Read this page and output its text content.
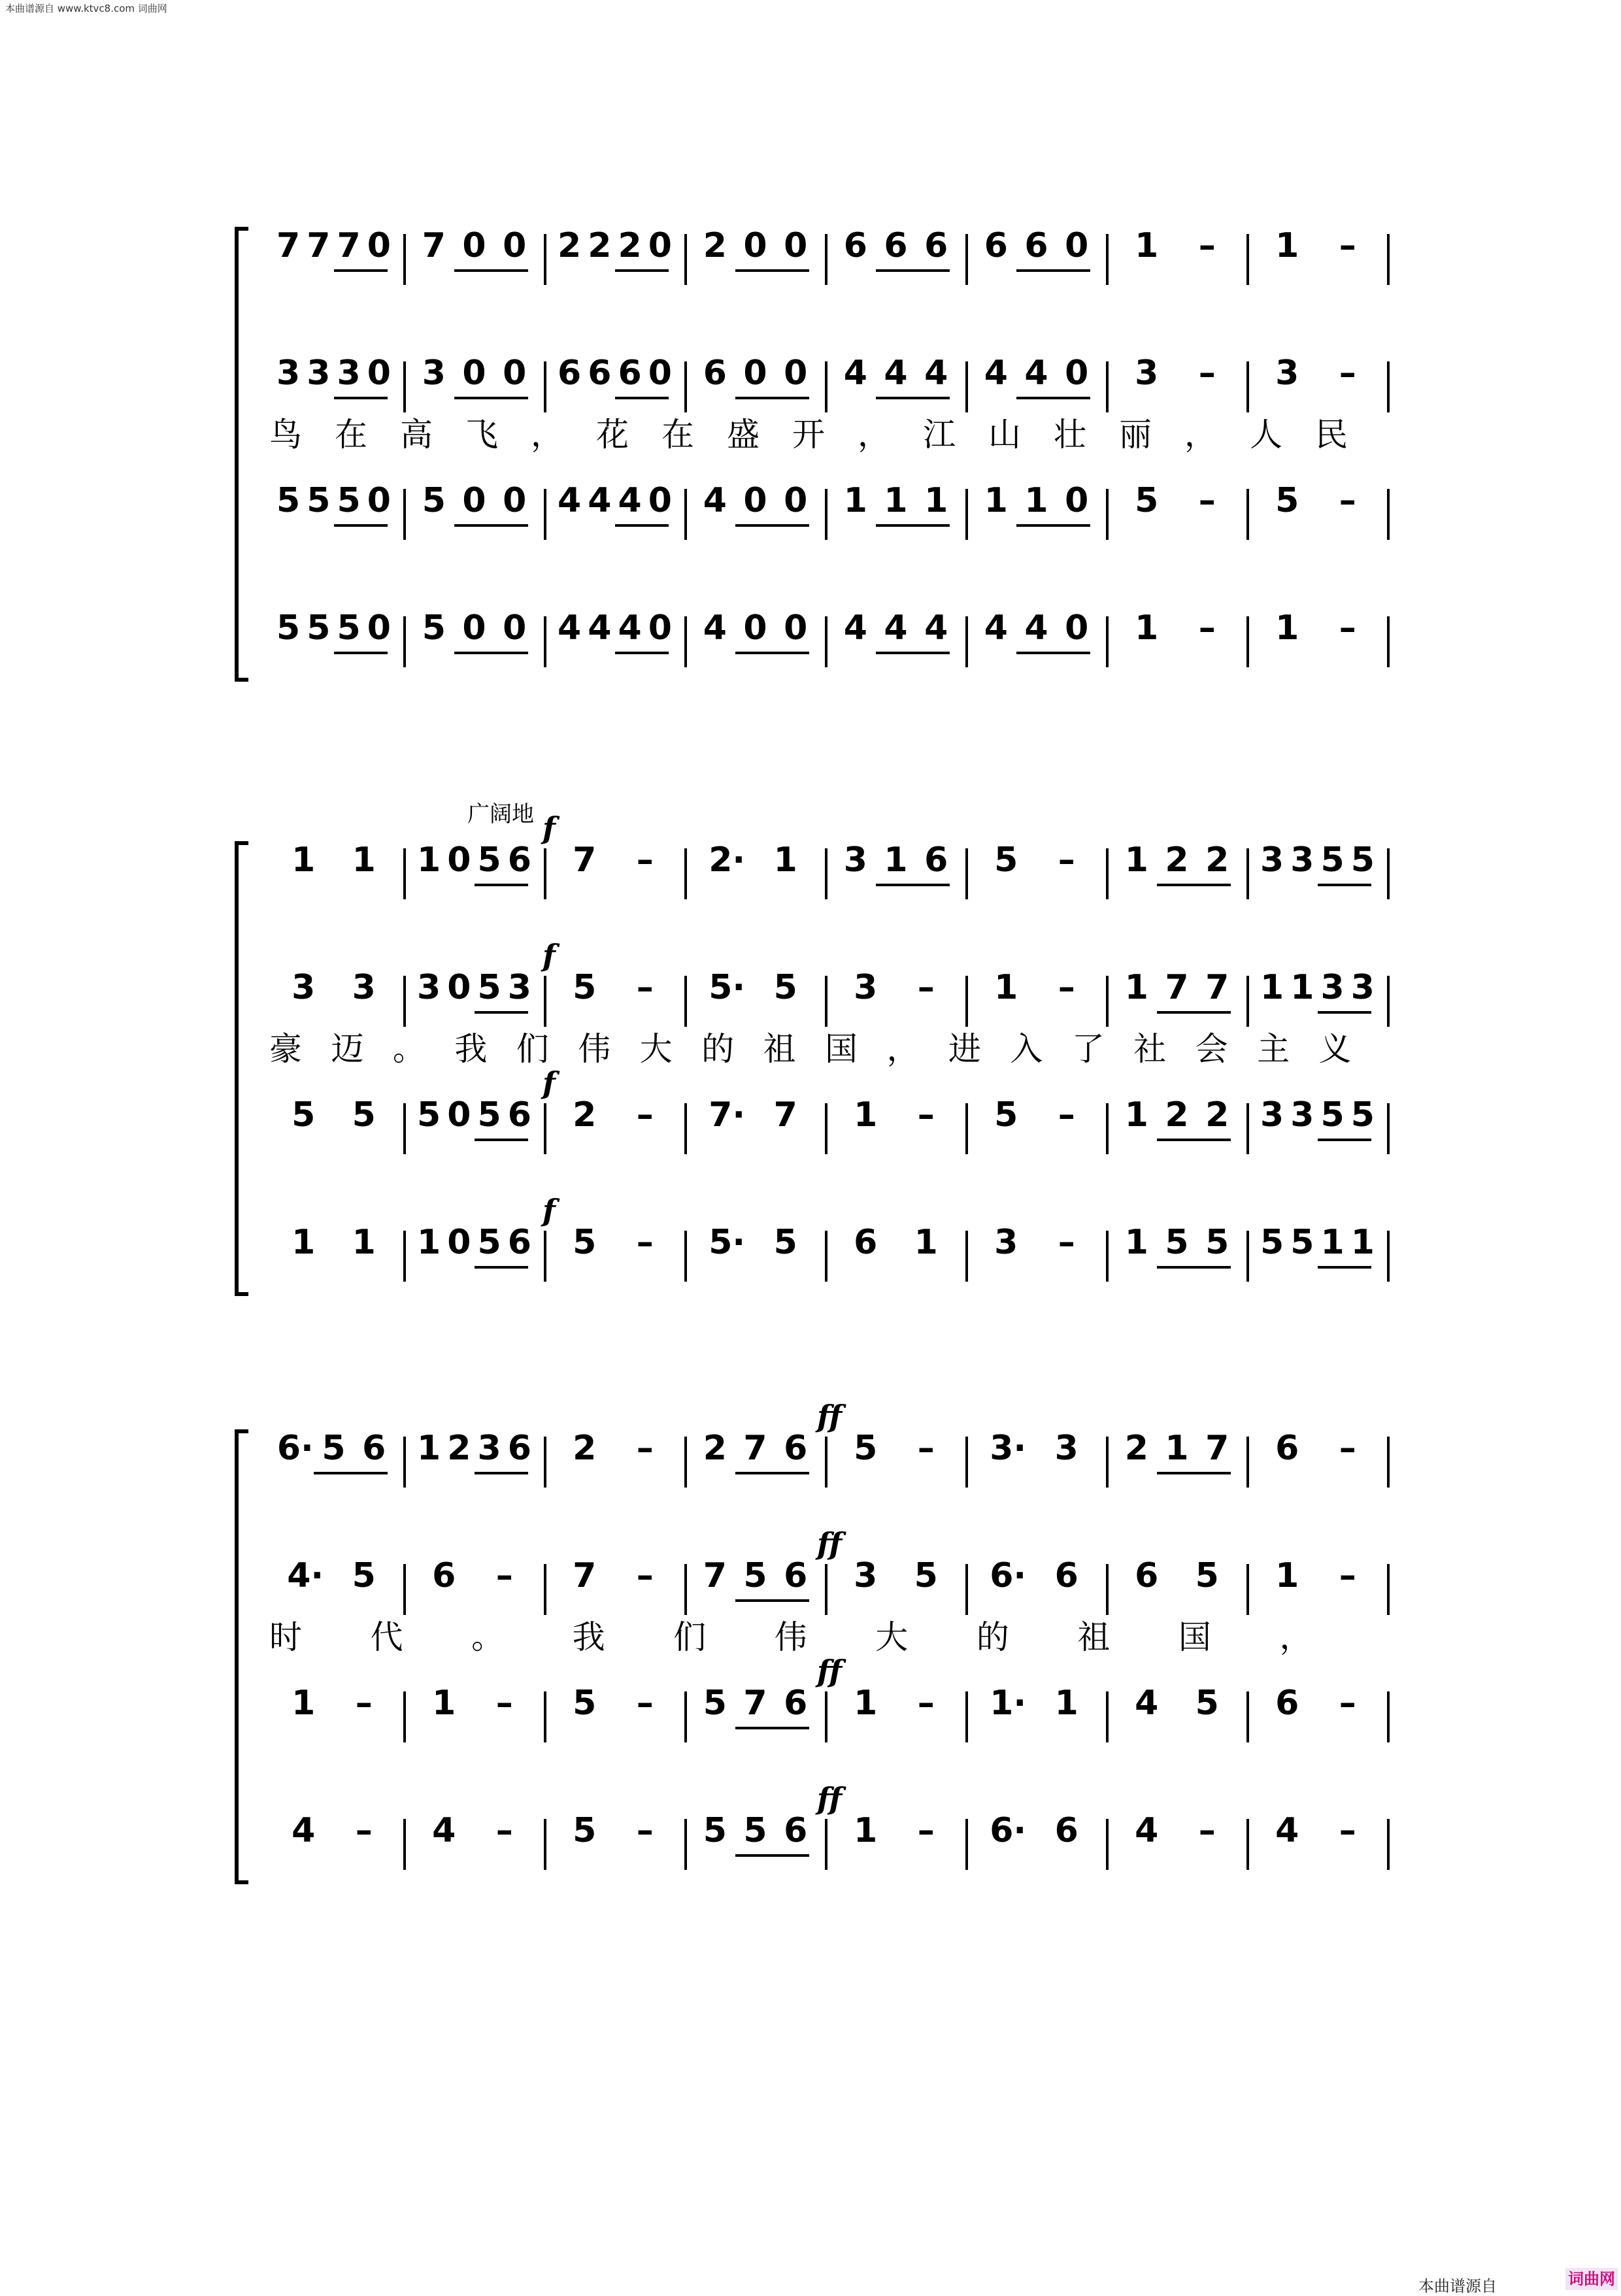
本曲谱源自 www.ktvc8.com 词曲网
7 7 7 0 7 0 0 2 2 2 0 2 0 0 6 6 6 6 6 0 1 – 1 –
3 3 3 0 3 0 0 6 6 6 0 6 0 0 4 4 4 4 4 0 3 – 3 –
鸟 在 高 飞 ， 花 在 盛 开 ， 江 山 壮 丽 ， 人 民
5 5 5 0 5 0 0 4 4 4 0 4 0 0 1 1 1 1 1 0 5 – 5 –
5 5 5 0 5 0 0 4 4 4 0 4 0 0 4 4 4 4 4 0 1 – 1 –
广阔地
1 1 1 0 5 6 7 – 2· 1 3 1 6 5 – 1 2 2 3 3 5 5
f
3 3 3 0 5 3 5 – 5· 5 3 – 1 – 1 7 7 1 1 3 3
f
豪 迈 。 我 们 伟 大 的 祖 国 ， 进 入 了 社 会 主 义
5 5 5 0 5 6 2 – 7· 7 1 – 5 – 1 2 2 3 3 5 5
f
1 1 1 0 5 6 5 – 5· 5 6 1 3 – 1 5 5 5 5 1 1
f
6· 5 6 1 2 3 6 2 – 2 7 6 5 – 3· 3 2 1 7 6 –
ff
4· 5 6 – 7 – 7 5 6 3 5 6· 6 6 5 1 –
ff
时 代 。 我 们 伟 大 的 祖 国 ，
1 – 1 – 5 – 5 7 6 1 – 1· 1 4 5 6 –
ff
4 – 4 – 5 – 5 5 6 1 – 6· 6 4 – 4 –
ff
本曲谱源自	词曲网
